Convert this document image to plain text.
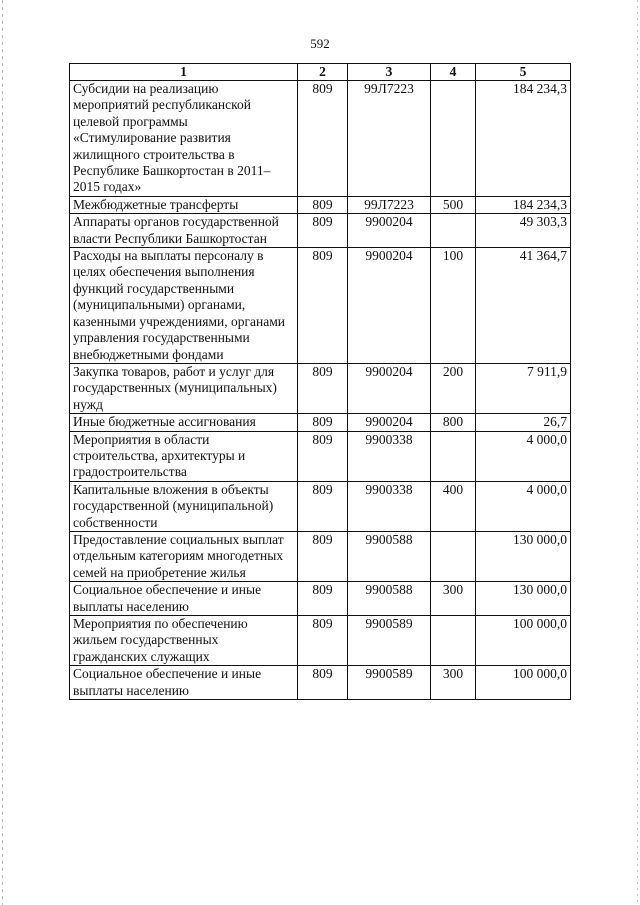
592
1	2	3	4	5
Субсидии на реализацию мероприятий республиканской целевой программы «Стимулирование развития жилищного строительства в Республике Башкортостан в 2011–2015 годах»	809	99Л7223		184 234,3
Межбюджетные трансферты	809	99Л7223	500	184 234,3
Аппараты органов государственной власти Республики Башкортостан	809	9900204		49 303,3
Расходы на выплаты персоналу в целях обеспечения выполнения функций государственными (муниципальными) органами, казенными учреждениями, органами управления государственными внебюджетными фондами	809	9900204	100	41 364,7
Закупка товаров, работ и услуг для государственных (муниципальных) нужд	809	9900204	200	7 911,9
Иные бюджетные ассигнования	809	9900204	800	26,7
Мероприятия в области строительства, архитектуры и градостроительства	809	9900338		4 000,0
Капитальные вложения в объекты государственной (муниципальной) собственности	809	9900338	400	4 000,0
Предоставление социальных выплат отдельным категориям многодетных семей на приобретение жилья	809	9900588		130 000,0
Социальное обеспечение и иные выплаты населению	809	9900588	300	130 000,0
Мероприятия по обеспечению жильем государственных гражданских служащих	809	9900589		100 000,0
Социальное обеспечение и иные выплаты населению	809	9900589	300	100 000,0
